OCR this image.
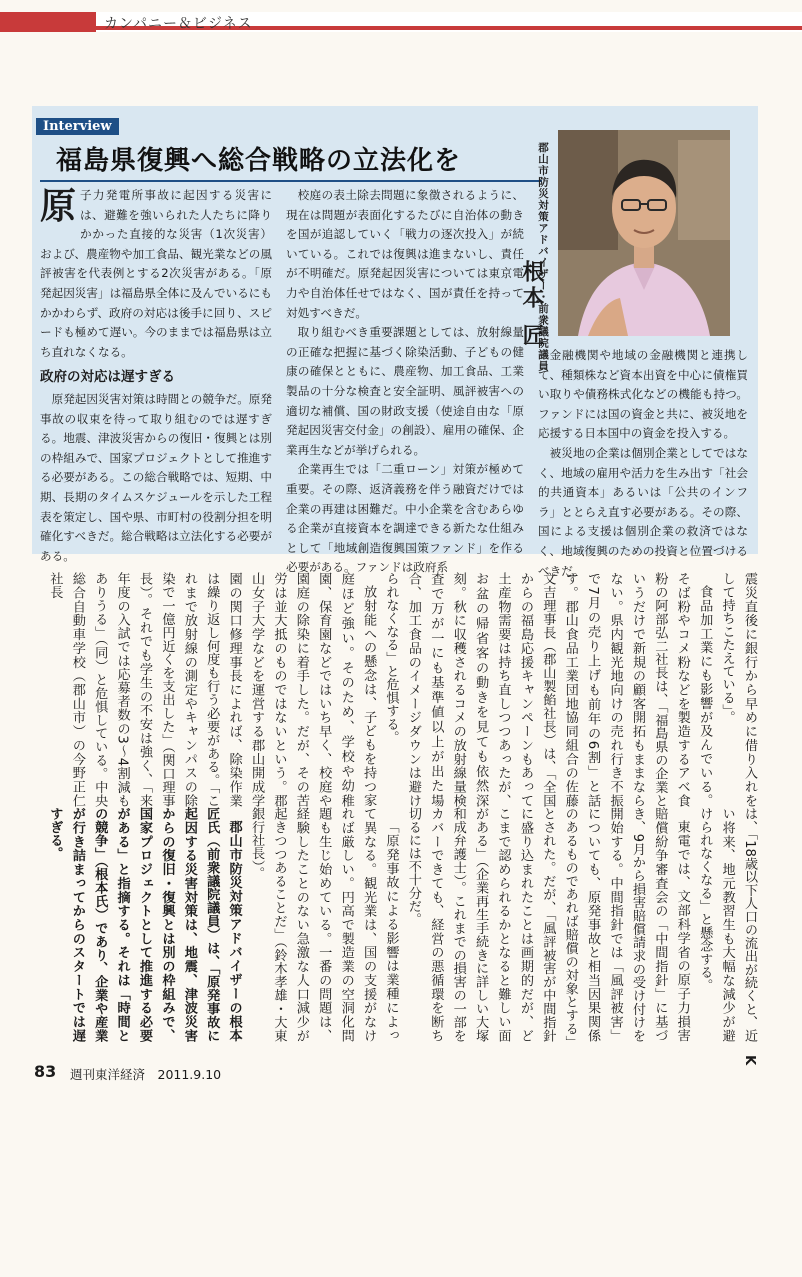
カンパニー＆ビジネス
Interview
福島県復興へ総合戦略の立法化を
原 子力発電所事故に起因する災害には、避難を強いられた人たちに降りかかった直接的な災害（1次災害）および、農産物や加工食品、観光業などの風評被害を代表例とする2次災害がある。「原発起因災害」は福島県全体に及んでいるにもかかわらず、政府の対応は後手に回り、スピードも極めて遅い。今のままでは福島県は立ち直れなくなる。
政府の対応は遅すぎる

原発起因災害対策は時間との競争だ。原発事故の収束を待って取り組むのでは遅すぎる。地震、津波災害からの復旧・復興とは別の枠組みで、国家プロジェクトとして推進する必要がある。この総合戦略では、短期、中期、長期のタイムスケジュールを示した工程表を策定し、国や県、市町村の役割分担を明確化すべきだ。総合戦略は立法化する必要がある。

校庭の表土除去問題に象徴されるように、現在は問題が表面化するたびに自治体の動きを国が追認していく「戦力の逐次投入」が続いている。これでは復興は進まないし、責任が不明確だ。原発起因災害については東京電力や自治体任せではなく、国が責任を持って対処すべきだ。

取り組むべき重要課題としては、放射線量の正確な把握に基づく除染活動、子どもの健康の確保とともに、農産物、加工食品、工業製品の十分な検査と安全証明、風評被害への適切な補償、国の財政支援（使途自由な「原発起因災害交付金」の創設）、雇用の確保、企業再生などが挙げられる。

企業再生では「二重ローン」対策が極めて重要。その際、返済義務を伴う融資だけでは企業の再建は困難だ。中小企業を含むあらゆる企業が直接資本を調達できる新たな仕組みとして「地域創造復興国策ファンド」を作る必要がある。ファンドは政府系

郡山市防災対策アドバイザー・前衆議院議員
根本 匠

金融機関や地域の金融機関と連携して、種類株など資本出資を中心に債権買い取りや債務株式化などの機能も持つ。ファンドには国の資金と共に、被災地を応援する日本国中の資金を投入する。

被災地の企業は個別企業としてではなく、地域の雇用や活力を生み出す「社会的共通資本」あるいは「公共のインフラ」ととらえ直す必要がある。その際、国による支援は個別企業の救済ではなく、地域復興のための投資と位置づけるべきだ。

震災直後に銀行から早めに借り入れをして持ちこたえている」。

食品加工業にも影響が及んでいる。そば粉やコメ粉などを製造するアベ食粉の阿部弘二社長は、「福島県の企業というだけで新規の顧客開拓もままならない。県内観光地向けの売れ行き不振で7月の売り上げも前年の6割」と話す。郡山食品工業団地協同組合の佐藤文吉理事長（郡山製餡社長）は、「全国からの福島応援キャンペーンもあって土産物需要は持ち直しつつあったが、お盆の帰省客の動きを見ても依然深刻。秋に収穫されるコメの放射線量検査で万が一にも基準値以上が出た場合、加工食品のイメージダウンは避けられなくなる」と危惧する。

放射能への懸念は、子どもを持つ家庭ほど強い。そのため、学校や幼稚園、保育園などではいち早く、校庭や園庭の除染に着手した。だが、その苦労は並大抵のものではないという。郡山女子大学などを運営する郡山開成学園の関口修理事長によれば、除染作業は繰り返し何度も行う必要がある。「これまで放射線の測定やキャンパスの除染で一億円近くを支出した」（関口理事長）。それでも学生の不安は強く、「来年度の入試では応募者数の3〜4割減もありうる」（同）と危惧している。中央総合自動車学校（郡山市）の今野正仁社長

は、「18歳以下人口の流出が続くと、近い将来、地元教習生も大幅な減少が避けられなくなる」と懸念する。

東電では、文部科学省の原子力損害賠償紛争審査会の「中間指針」に基づき、9月から損害賠償請求の受け付けを開始する。中間指針では「風評被害」についても、原発事故と相当因果関係のあるものであれば賠償の対象とする」とされた。だが、「風評被害が中間指針に盛り込まれたことは画期的だが、どこまで認められるかとなると難しい面がある」（企業再生手続きに詳しい大塚和成弁護士）。これまでの損害の一部をカバーできても、経営の悪循環を断ち切るには不十分だ。

「原発事故による影響は業種によって異なる。観光業は、国の支援がなければ厳しい。円高で製造業の空洞化問題も生じ始めている。一番の問題は、経験したことのない急激な人口減少が起きつつあることだ」（鈴木孝雄・大東銀行社長）。

郡山市防災対策アドバイザーの根本匠氏（前衆議院議員）は、「原発事故に起因する災害対策は、地震、津波災害からの復旧・復興とは別の枠組みで、国家プロジェクトとして推進する必要がある」と指摘する。それは「時間との競争」（根本氏）であり、企業や産業が行き詰まってからのスタートでは遅すぎる。

K

83 週刊東洋経済　2011.9.10
